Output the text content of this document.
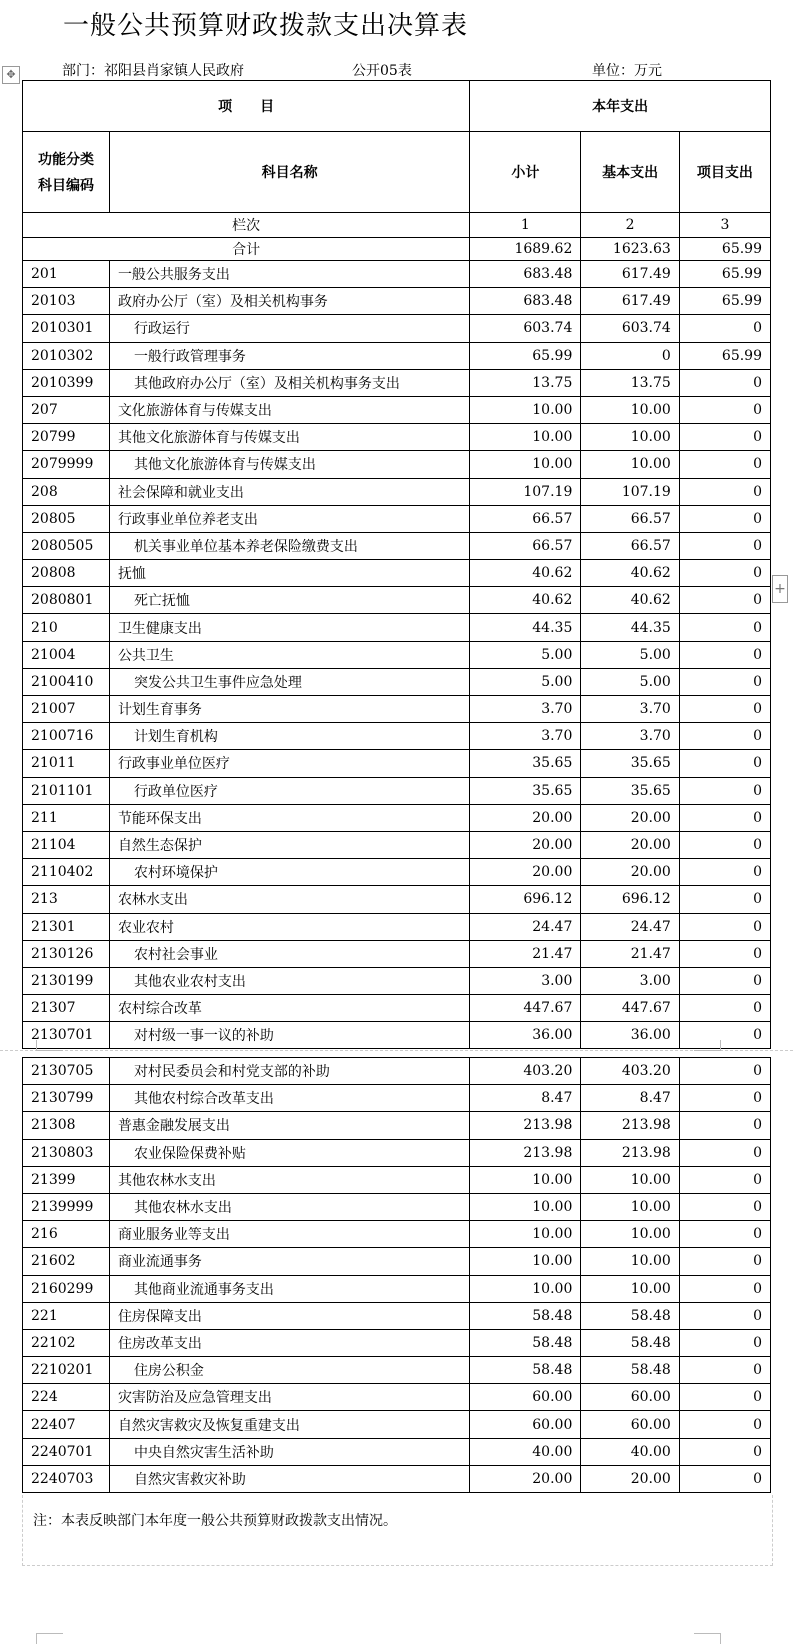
一般公共预算财政拨款支出决算表
✥	部门：祁阳县肖家镇人民政府	公开05表	单位：万元
项　　目		本年支出		

功能分类
科目编码	科目名称	小计	基本支出	项目支出
栏次		1	2	3
合计		1689.62	1623.63	65.99
201	一般公共服务支出	683.48	617.49	65.99
20103	政府办公厅（室）及相关机构事务	683.48	617.49	65.99
2010301	行政运行	603.74	603.74	0
2010302	一般行政管理事务	65.99	0	65.99
2010399	其他政府办公厅（室）及相关机构事务支出	13.75	13.75	0
207	文化旅游体育与传媒支出	10.00	10.00	0
20799	其他文化旅游体育与传媒支出	10.00	10.00	0
2079999	其他文化旅游体育与传媒支出	10.00	10.00	0
208	社会保障和就业支出	107.19	107.19	0
20805	行政事业单位养老支出	66.57	66.57	0
2080505	机关事业单位基本养老保险缴费支出	66.57	66.57	0
20808	抚恤	40.62	40.62	0
2080801	死亡抚恤	40.62	40.62	0
210	卫生健康支出	44.35	44.35	0
21004	公共卫生	5.00	5.00	0
2100410	突发公共卫生事件应急处理	5.00	5.00	0
21007	计划生育事务	3.70	3.70	0
2100716	计划生育机构	3.70	3.70	0
21011	行政事业单位医疗	35.65	35.65	0
2101101	行政单位医疗	35.65	35.65	0
211	节能环保支出	20.00	20.00	0
21104	自然生态保护	20.00	20.00	0
2110402	农村环境保护	20.00	20.00	0
213	农林水支出	696.12	696.12	0
21301	农业农村	24.47	24.47	0
2130126	农村社会事业	21.47	21.47	0
2130199	其他农业农村支出	3.00	3.00	0
21307	农村综合改革	447.67	447.67	0
2130701	对村级一事一议的补助	36.00	36.00	0
+
2130705	对村民委员会和村党支部的补助	403.20	403.20	0
2130799	其他农村综合改革支出	8.47	8.47	0
21308	普惠金融发展支出	213.98	213.98	0
2130803	农业保险保费补贴	213.98	213.98	0
21399	其他农林水支出	10.00	10.00	0
2139999	其他农林水支出	10.00	10.00	0
216	商业服务业等支出	10.00	10.00	0
21602	商业流通事务	10.00	10.00	0
2160299	其他商业流通事务支出	10.00	10.00	0
221	住房保障支出	58.48	58.48	0
22102	住房改革支出	58.48	58.48	0
2210201	住房公积金	58.48	58.48	0
224	灾害防治及应急管理支出	60.00	60.00	0
22407	自然灾害救灾及恢复重建支出	60.00	60.00	0
2240701	中央自然灾害生活补助	40.00	40.00	0
2240703	自然灾害救灾补助	20.00	20.00	0
注：本表反映部门本年度一般公共预算财政拨款支出情况。
